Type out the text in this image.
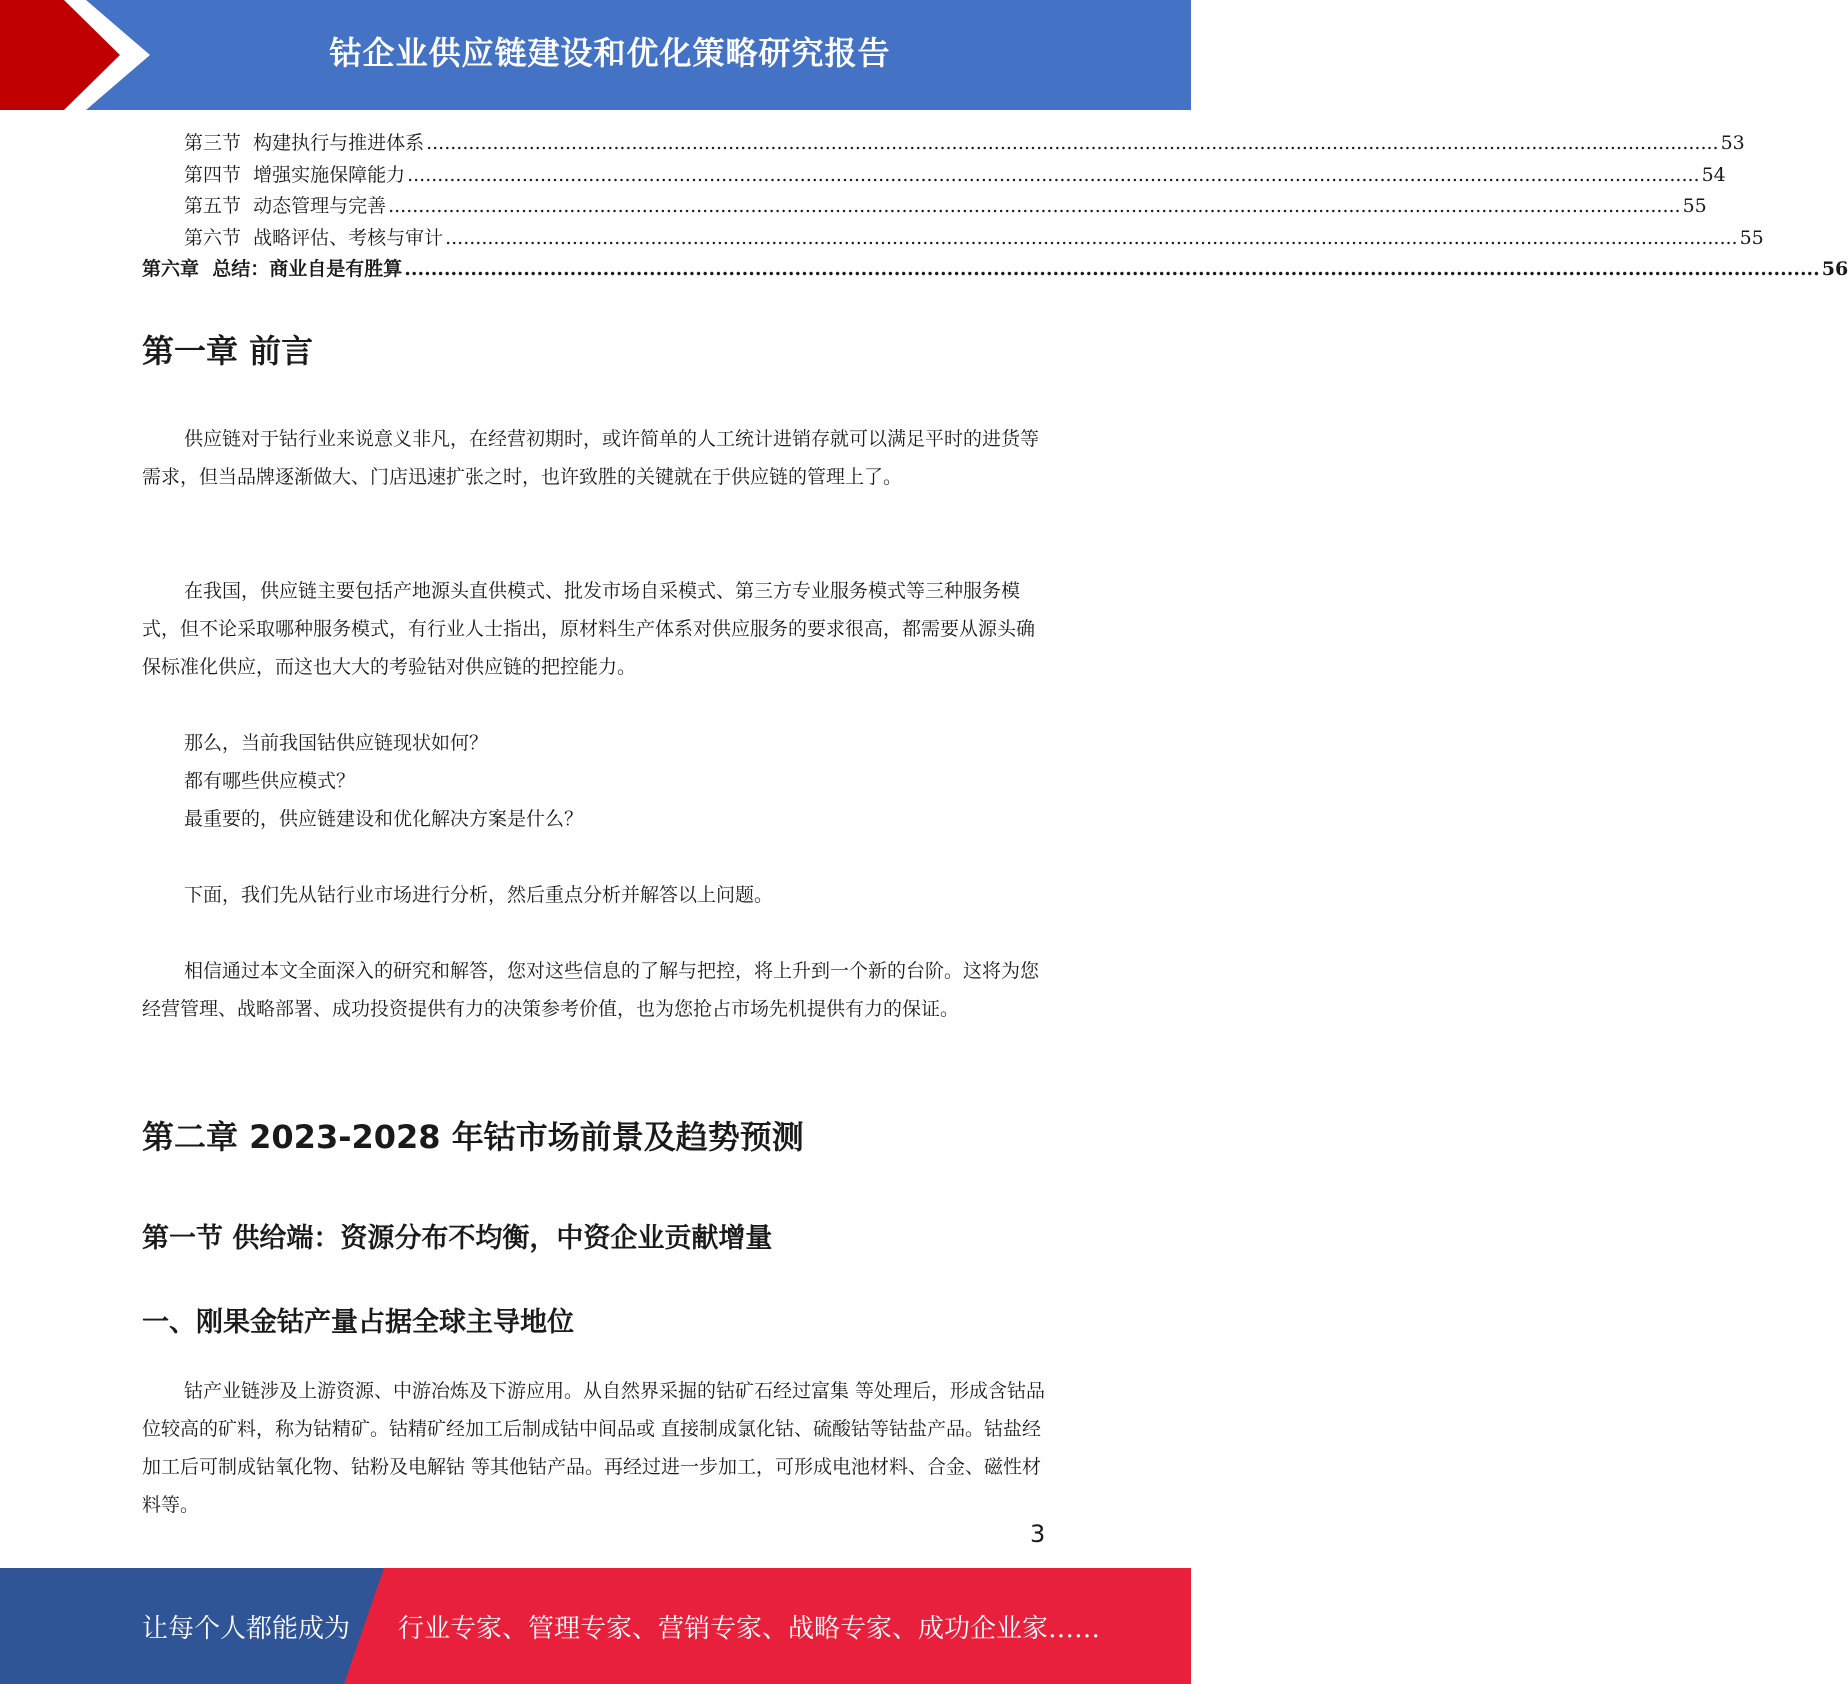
钴企业供应链建设和优化策略研究报告
第三节  构建执行与推进体系 ...................................................................................................................................................................................................................... 53
第四节  增强实施保障能力 ...................................................................................................................................................................................................................... 54
第五节  动态管理与完善 ...................................................................................................................................................................................................................... 55
第六节  战略评估、考核与审计 ...................................................................................................................................................................................................................... 55
第六章  总结：商业自是有胜算 ...................................................................................................................................................................................................................... 56
第一章 前言

供应链对于钴行业来说意义非凡，在经营初期时，或许简单的人工统计进销存就可以满足平时的进货等需求，但当品牌逐渐做大、门店迅速扩张之时，也许致胜的关键就在于供应链的管理上了。

在我国，供应链主要包括产地源头直供模式、批发市场自采模式、第三方专业服务模式等三种服务模式，但不论采取哪种服务模式，有行业人士指出，原材料生产体系对供应服务的要求很高，都需要从源头确保标准化供应，而这也大大的考验钴对供应链的把控能力。

那么，当前我国钴供应链现状如何？

都有哪些供应模式？

最重要的，供应链建设和优化解决方案是什么？

下面，我们先从钴行业市场进行分析，然后重点分析并解答以上问题。

相信通过本文全面深入的研究和解答，您对这些信息的了解与把控，将上升到一个新的台阶。这将为您经营管理、战略部署、成功投资提供有力的决策参考价值，也为您抢占市场先机提供有力的保证。

第二章 2023-2028 年钴市场前景及趋势预测
第一节 供给端：资源分布不均衡，中资企业贡献增量
一、刚果金钴产量占据全球主导地位

钴产业链涉及上游资源、中游冶炼及下游应用。从自然界采掘的钴矿石经过富集 等处理后，形成含钴品位较高的矿料，称为钴精矿。钴精矿经加工后制成钴中间品或 直接制成氯化钴、硫酸钴等钴盐产品。钴盐经加工后可制成钴氧化物、钴粉及电解钴 等其他钴产品。再经过进一步加工，可形成电池材料、合金、磁性材料等。

3
让每个人都能成为 行业专家、管理专家、营销专家、战略专家、成功企业家……
